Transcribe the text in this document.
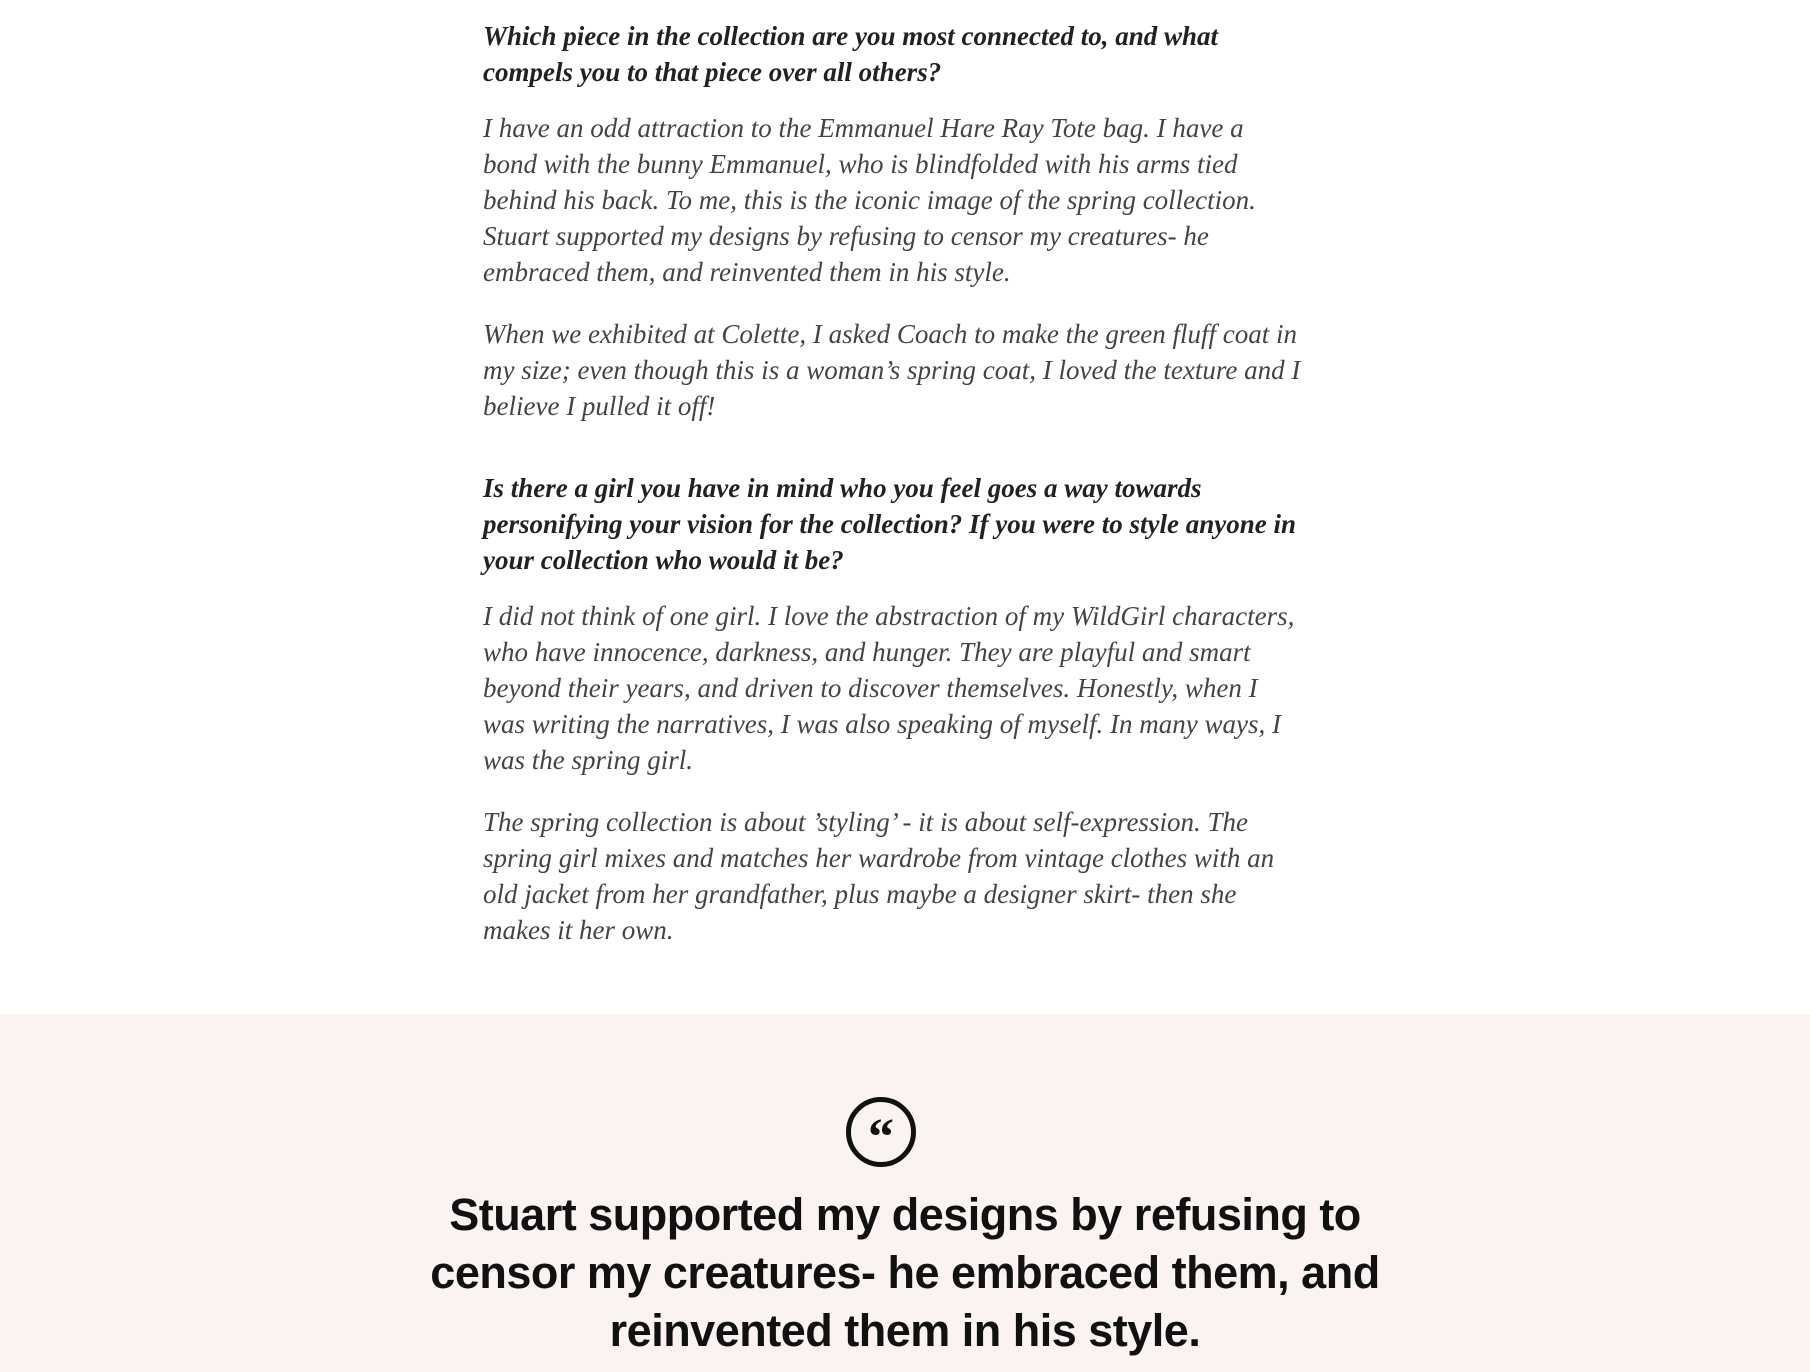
Which piece in the collection are you most connected to, and what compels you to that piece over all others?

I have an odd attraction to the Emmanuel Hare Ray Tote bag. I have a bond with the bunny Emmanuel, who is blindfolded with his arms tied behind his back. To me, this is the iconic image of the spring collection. Stuart supported my designs by refusing to censor my creatures- he embraced them, and reinvented them in his style.

When we exhibited at Colette, I asked Coach to make the green fluff coat in my size; even though this is a woman’s spring coat, I loved the texture and I believe I pulled it off!

Is there a girl you have in mind who you feel goes a way towards personifying your vision for the collection? If you were to style anyone in your collection who would it be?

I did not think of one girl. I love the abstraction of my WildGirl characters, who have innocence, darkness, and hunger. They are playful and smart beyond their years, and driven to discover themselves. Honestly, when I was writing the narratives, I was also speaking of myself. In many ways, I was the spring girl.

The spring collection is about ’styling’ - it is about self-expression. The spring girl mixes and matches her wardrobe from vintage clothes with an old jacket from her grandfather, plus maybe a designer skirt- then she makes it her own.

“

Stuart supported my designs by refusing to censor my creatures- he embraced them, and reinvented them in his style.
